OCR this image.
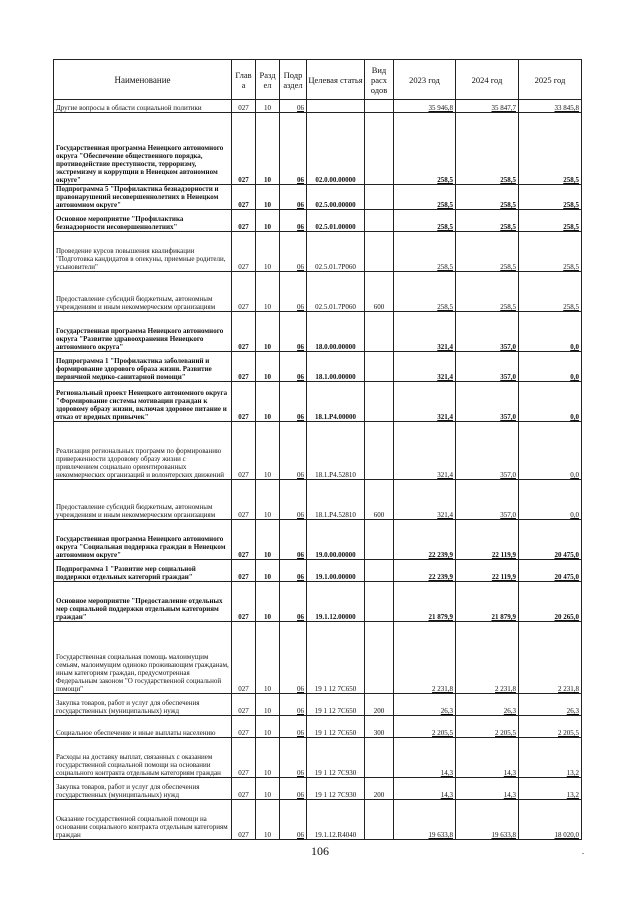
Наименование	Глав а	Разд ел	Подр аздел	Целевая статья	Вид расх одов	2023 год	2024 год	2025 год
Другие вопросы в области социальной политики	027	10	06			35 946,8	35 847,7	33 845,8
Государственная программа Ненецкого автономного округа "Обеспечение общественного порядка, противодействие преступности, терроризму, экстремизму и коррупции в Ненецком автономном округе"	027	10	06	02.0.00.00000		258,5	258,5	258,5
Подпрограмма 5 "Профилактика безнадзорности и правонарушений несовершеннолетних в Ненецком автономном округе"	027	10	06	02.5.00.00000		258,5	258,5	258,5
Основное мероприятие "Профилактика безнадзорности несовершеннолетних"	027	10	06	02.5.01.00000		258,5	258,5	258,5
Проведение курсов повышения квалификации "Подготовка кандидатов в опекуны, приемные родители, усыновители"	027	10	06	02.5.01.7Р060		258,5	258,5	258,5
Предоставление субсидий бюджетным, автономным учреждениям и иным некоммерческим организациям	027	10	06	02.5.01.7Р060	600	258,5	258,5	258,5
Государственная программа Ненецкого автономного округа "Развитие здравоохранения Ненецкого автономного округа"	027	10	06	18.0.00.00000		321,4	357,0	0,0
Подпрограмма 1 "Профилактика заболеваний и формирование здорового образа жизни. Развитие первичной медико-санитарной помощи"	027	10	06	18.1.00.00000		321,4	357,0	0,0
Региональный проект Ненецкого автономного округа "Формирование системы мотивации граждан к здоровому образу жизни, включая здоровое питание и отказ от вредных привычек"	027	10	06	18.1.Р4.00000		321,4	357,0	0,0
Реализация региональных программ по формированию приверженности здоровому образу жизни с привлечением социально ориентированных некоммерческих организаций и волонтерских движений	027	10	06	18.1.Р4.52810		321,4	357,0	0,0
Предоставление субсидий бюджетным, автономным учреждениям и иным некоммерческим организациям	027	10	06	18.1.Р4.52810	600	321,4	357,0	0,0
Государственная программа Ненецкого автономного округа "Социальная поддержка граждан в Ненецком автономном округе"	027	10	06	19.0.00.00000		22 239,9	22 119,9	20 475,0
Подпрограмма 1 "Развитие мер социальной поддержки отдельных категорий граждан"	027	10	06	19.1.00.00000		22 239,9	22 119,9	20 475,0
Основное мероприятие "Предоставление отдельных мер социальной поддержки отдельным категориям граждан"	027	10	06	19.1.12.00000		21 879,9	21 879,9	20 265,0
Государственная социальная помощь малоимущим семьям, малоимущим одиноко проживающим гражданам, иным категориям граждан, предусмотренная Федеральным законом "О государственной социальной помощи"	027	10	06	19 1 12 7С650		2 231,8	2 231,8	2 231,8
Закупка товаров, работ и услуг для обеспечения государственных (муниципальных) нужд	027	10	06	19 1 12 7С650	200	26,3	26,3	26,3
Социальное обеспечение и иные выплаты населению	027	10	06	19 1 12 7С650	300	2 205,5	2 205,5	2 205,5
Расходы на доставку выплат, связанных с оказанием государственной социальной помощи на основании социального контракта отдельным категориям граждан	027	10	06	19 1 12 7С930		14,3	14,3	13,2
Закупка товаров, работ и услуг для обеспечения государственных (муниципальных) нужд	027	10	06	19 1 12 7С930	200	14,3	14,3	13,2
Оказание государственной социальной помощи на основании социального контракта отдельным категориям граждан	027	10	06	19.1.12.R4040		19 633,8	19 633,8	18 020,0
106
